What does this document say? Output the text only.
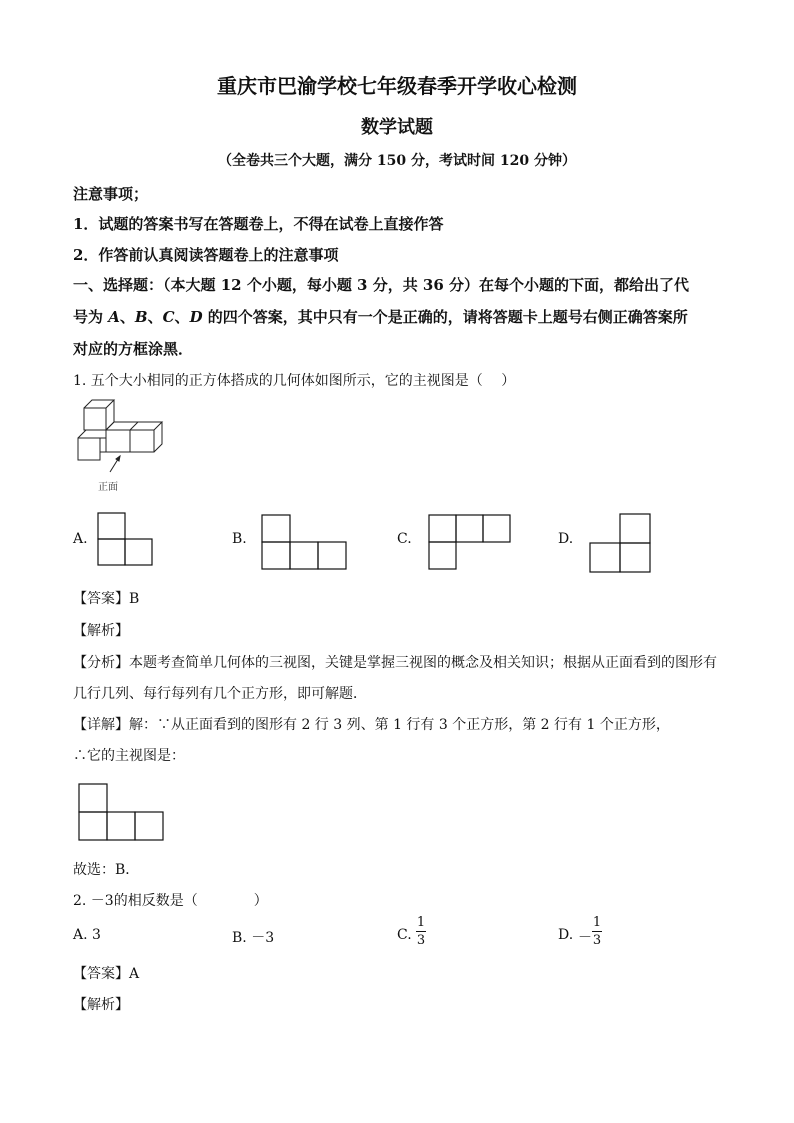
重庆市巴渝学校七年级春季开学收心检测
数学试题
（全卷共三个大题，满分 150 分，考试时间 120 分钟）
注意事项；
1．试题的答案书写在答题卷上，不得在试卷上直接作答
2．作答前认真阅读答题卷上的注意事项
一、选择题：（本大题 12 个小题，每小题 3 分，共 36 分）在每个小题的下面，都给出了代
号为 A、B、C、D 的四个答案，其中只有一个是正确的，请将答题卡上题号右侧正确答案所
对应的方框涂黑．
1. 五个大小相同的正方体搭成的几何体如图所示，它的主视图是（　 ）
正面
A.	B.	C.	D.
【答案】B
【解析】
【分析】本题考查简单几何体的三视图，关键是掌握三视图的概念及相关知识；根据从正面看到的图形有
几行几列、每行每列有几个正方形，即可解题．
【详解】解：∵从正面看到的图形有 2 行 3 列、第 1 行有 3 个正方形，第 2 行有 1 个正方形，
∴它的主视图是：
故选：B．
2. －3的相反数是（　　　　）
A. 3	B. －3	C.
1
3	D. －
1
3
【答案】A
【解析】
